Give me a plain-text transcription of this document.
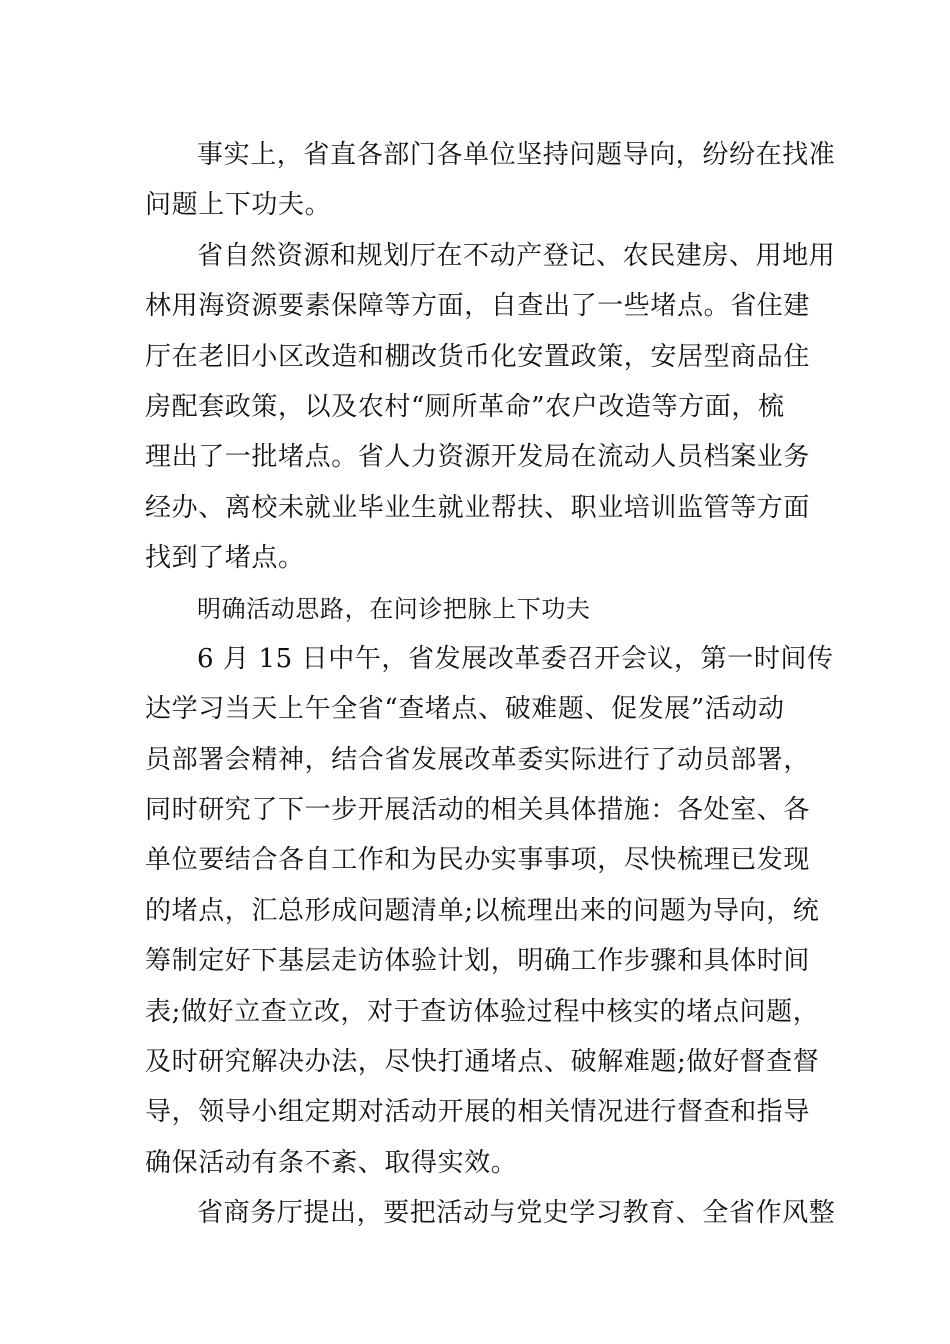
事实上，省直各部门各单位坚持问题导向，纷纷在找准
问题上下功夫。
省自然资源和规划厅在不动产登记、农民建房、用地用
林用海资源要素保障等方面，自查出了一些堵点。省住建
厅在老旧小区改造和棚改货币化安置政策，安居型商品住
房配套政策，以及农村“厕所革命”农户改造等方面，梳
理出了一批堵点。省人力资源开发局在流动人员档案业务
经办、离校未就业毕业生就业帮扶、职业培训监管等方面
找到了堵点。
明确活动思路，在问诊把脉上下功夫
6 月 15 日中午，省发展改革委召开会议，第一时间传
达学习当天上午全省“查堵点、破难题、促发展”活动动
员部署会精神，结合省发展改革委实际进行了动员部署，
同时研究了下一步开展活动的相关具体措施：各处室、各
单位要结合各自工作和为民办实事事项，尽快梳理已发现
的堵点，汇总形成问题清单;以梳理出来的问题为导向，统
筹制定好下基层走访体验计划，明确工作步骤和具体时间
表;做好立查立改，对于查访体验过程中核实的堵点问题，
及时研究解决办法，尽快打通堵点、破解难题;做好督查督
导，领导小组定期对活动开展的相关情况进行督查和指导
确保活动有条不紊、取得实效。
省商务厅提出，要把活动与党史学习教育、全省作风整
